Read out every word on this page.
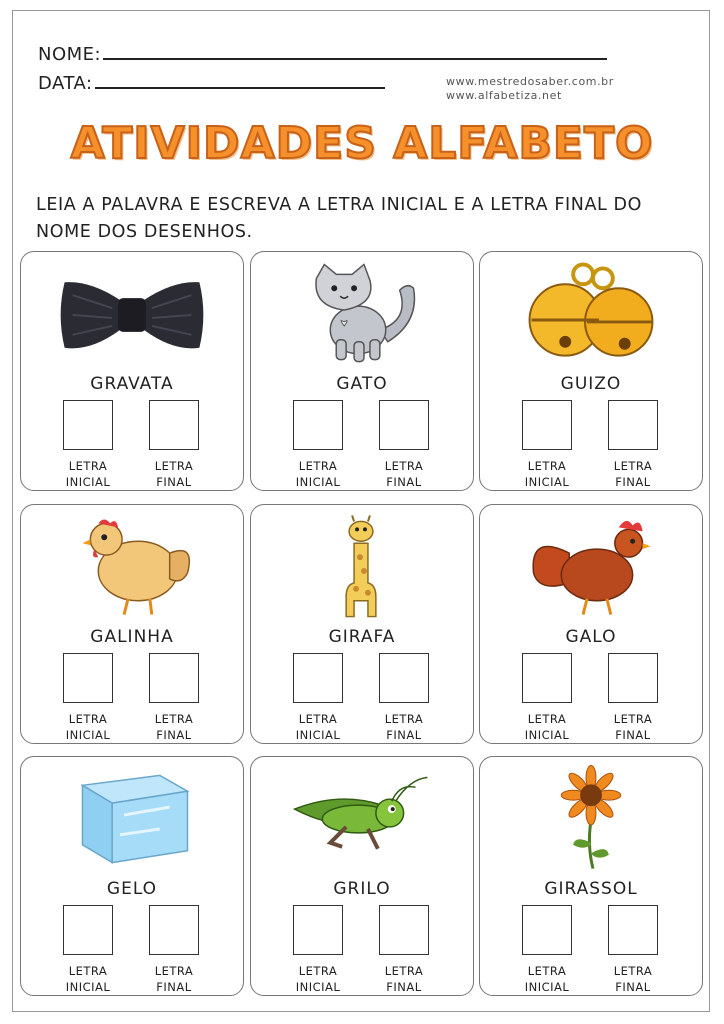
NOME:
DATA:	www.mestredosaber.com.br
www.alfabetiza.net
ATIVIDADES ALFABETO
LEIA A PALAVRA E ESCREVA A LETRA INICIAL E A LETRA FINAL DO
NOME DOS DESENHOS.
GRAVATA
LETRA
INICIAL
LETRA
FINAL
GATO
LETRA
INICIAL
LETRA
FINAL
GUIZO
LETRA
INICIAL
LETRA
FINAL
GALINHA
LETRA
INICIAL
LETRA
FINAL
GIRAFA
LETRA
INICIAL
LETRA
FINAL
GALO
LETRA
INICIAL
LETRA
FINAL
GELO
LETRA
INICIAL
LETRA
FINAL
GRILO
LETRA
INICIAL
LETRA
FINAL
GIRASSOL
LETRA
INICIAL
LETRA
FINAL
